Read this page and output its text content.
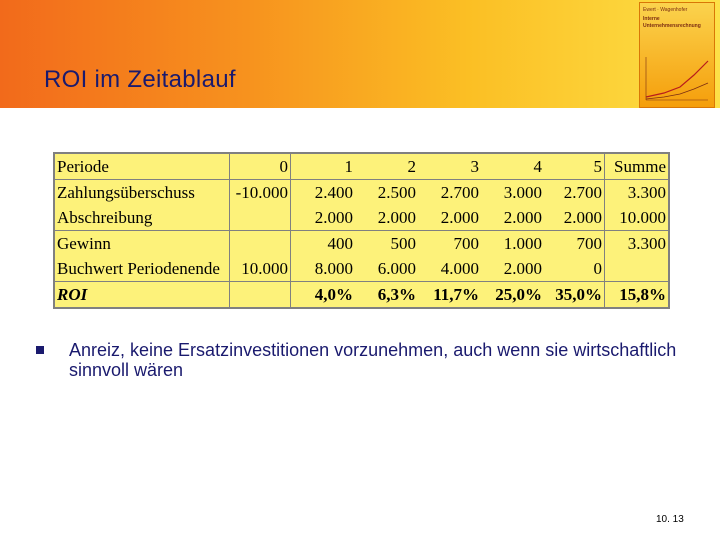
ROI im Zeitablauf
Ewert · Wagenhofer
Interne
Unternehmensrechnung
Periode	0	1	2	3	4	5	Summe
Zahlungsüberschuss	-10.000	2.400	2.500	2.700	3.000	2.700	3.300
Abschreibung		2.000	2.000	2.000	2.000	2.000	10.000
Gewinn		400	500	700	1.000	700	3.300
Buchwert Periodenende	10.000	8.000	6.000	4.000	2.000	0	
ROI		4,0%	6,3%	11,7%	25,0%	35,0%	15,8%
Anreiz, keine Ersatzinvestitionen vorzunehmen, auch wenn sie wirtschaftlich sinnvoll wären
10. 13
